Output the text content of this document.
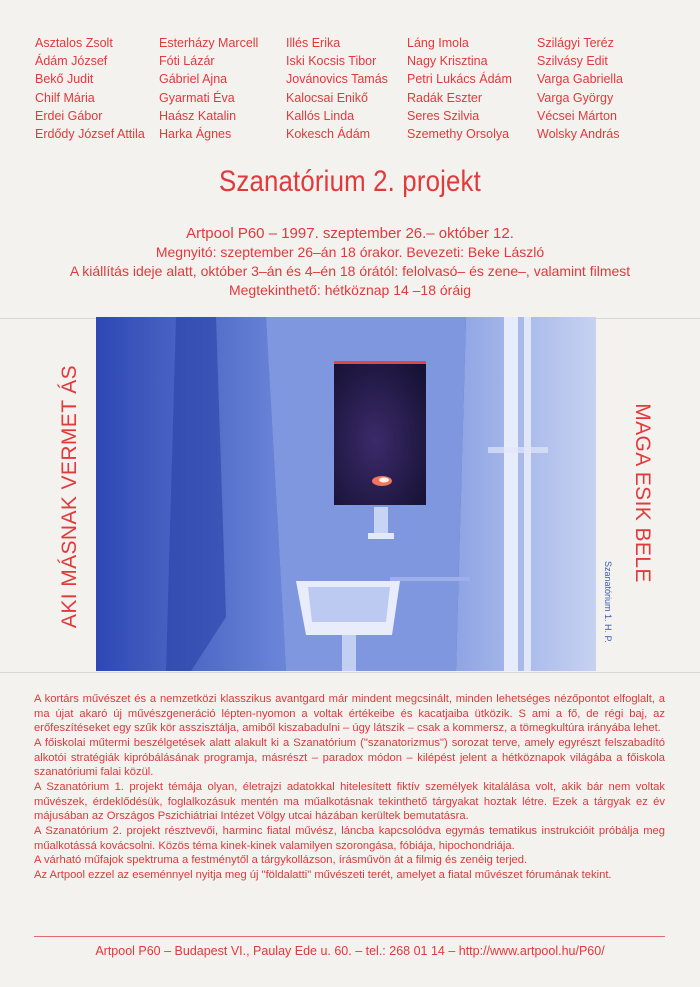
Asztalos Zsolt
Ádám József
Bekő Judit
Chilf Mária
Erdei Gábor
Erdődy József Attila
Esterházy Marcell
Fóti Lázár
Gábriel Ajna
Gyarmati Éva
Haász Katalin
Harka Ágnes
Illés Erika
Iski Kocsis Tibor
Jovánovics Tamás
Kalocsai Enikő
Kallós Linda
Kokesch Ádám
Láng Imola
Nagy Krisztina
Petri Lukács Ádám
Radák Eszter
Seres Szilvia
Szemethy Orsolya
Szilágyi Teréz
Szilvásy Edit
Varga Gabriella
Varga György
Vécsei Márton
Wolsky András
Szanatórium 2. projekt
Artpool P60 – 1997. szeptember 26.– október 12.
Megnyitó: szeptember 26–án 18 órakor. Bevezeti: Beke László
A kiállítás ideje alatt, október 3–án és 4–én 18 órától: felolvasó– és zene–, valamint filmest
Megtekinthető: hétköznap 14 –18 óráig
AKI MÁSNAK VERMET ÁS	MAGA ESIK BELE
Szanatórium 1. H. P.

A kortárs művészet és a nemzetközi klasszikus avantgard már mindent megcsinált, minden lehetséges nézőpontot elfoglalt, a ma újat akaró új művészgeneráció lépten-nyomon a voltak értékeibe és kacatjaiba ütközik. S ami a fő, de régi baj, az erőfeszítéseket egy szűk kör asszisztálja, amiből kiszabadulni – úgy látszik – csak a kommersz, a tömegkultúra irányába lehet.

A főiskolai műtermi beszélgetések alatt alakult ki a Szanatórium ("szanatorizmus") sorozat terve, amely egyrészt felszabadító alkotói stratégiák kipróbálásának programja, másrészt – paradox módon – kilépést jelent a hétköznapok világába a főiskola szanatóriumi falai közül.

A Szanatórium 1. projekt témája olyan, életrajzi adatokkal hitelesített fiktív személyek kitalálása volt, akik bár nem voltak művészek, érdeklődésük, foglalkozásuk mentén ma műalkotásnak tekinthető tárgyakat hoztak létre. Ezek a tárgyak ez év májusában az Országos Pszichiátriai Intézet Völgy utcai házában kerültek bemutatásra.

A Szanatórium 2. projekt résztvevői, harminc fiatal művész, láncba kapcsolódva egymás tematikus instrukcióit próbálja meg műalkotássá kovácsolni. Közös téma kinek-kinek valamilyen szorongása, fóbiája, hipochondriája.

A várható műfajok spektruma a festménytől a tárgykollázson, írásművön át a filmig és zenéig terjed.

Az Artpool ezzel az eseménnyel nyitja meg új "földalatti" művészeti terét, amelyet a fiatal művészet fórumának tekint.

Artpool P60 – Budapest VI., Paulay Ede u. 60. – tel.: 268 01 14 – http://www.artpool.hu/P60/
